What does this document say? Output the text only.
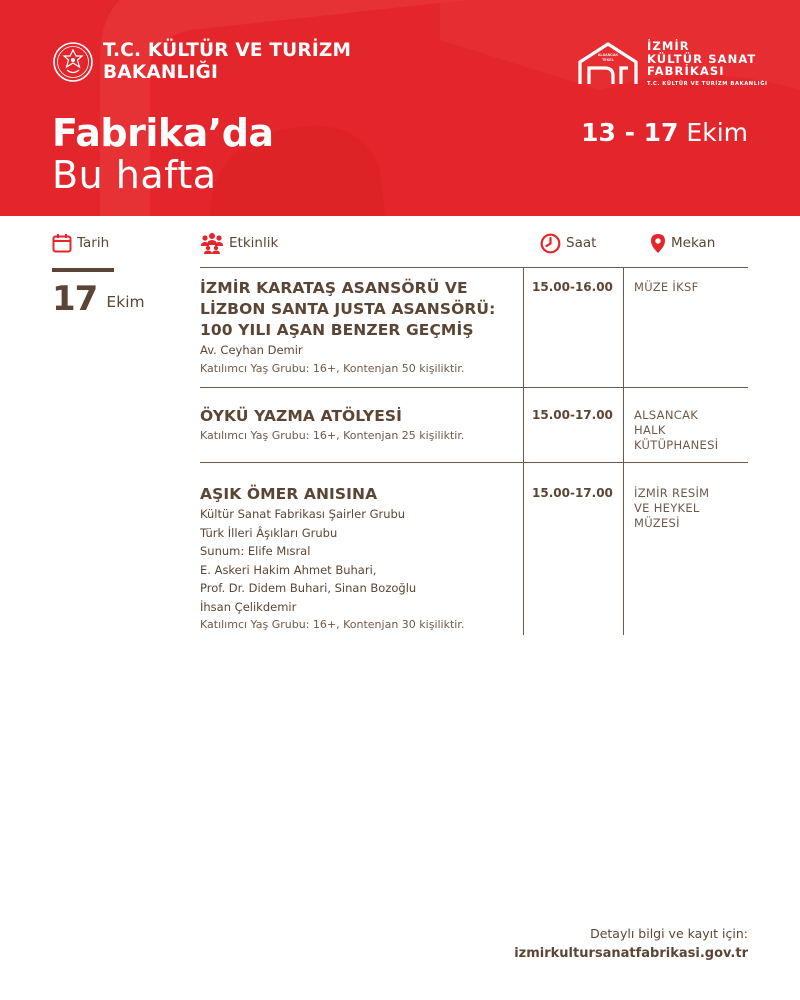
T.C. KÜLTÜR VE TURİZM
BAKANLIĞI
ALSANCAK
TEKEL
İZMİR
KÜLTÜR SANAT
FABRİKASI
T.C. KÜLTÜR VE TURİZM BAKANLIĞI
Fabrika’da
Bu hafta
13 - 17 Ekim
Tarih	Etkinlik	Saat	Mekan
17 Ekim
İZMİR KARATAŞ ASANSÖRÜ VE
LİZBON SANTA JUSTA ASANSÖRÜ:
100 YILI AŞAN BENZER GEÇMİŞ
Av. Ceyhan Demir
Katılımcı Yaş Grubu: 16+, Kontenjan 50 kişiliktir.
15.00-16.00	MÜZE İKSF
ÖYKÜ YAZMA ATÖLYESİ
Katılımcı Yaş Grubu: 16+, Kontenjan 25 kişiliktir.
15.00-17.00	ALSANCAK
HALK
KÜTÜPHANESİ
AŞIK ÖMER ANISINA
Kültür Sanat Fabrikası Şairler Grubu
Türk İlleri Âşıkları Grubu
Sunum: Elife Mısral
E. Askeri Hakim Ahmet Buhari,
Prof. Dr. Didem Buhari, Sinan Bozoğlu
İhsan Çelikdemir
Katılımcı Yaş Grubu: 16+, Kontenjan 30 kişiliktir.
15.00-17.00	İZMİR RESİM
VE HEYKEL
MÜZESİ
Detaylı bilgi ve kayıt için:
izmirkultursanatfabrikasi.gov.tr
